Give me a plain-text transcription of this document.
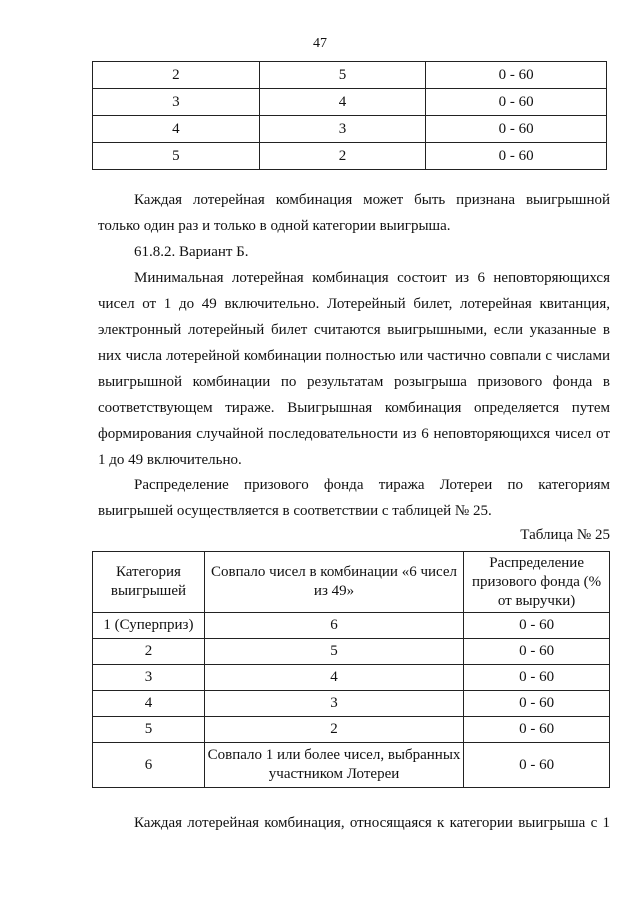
47
2	5	0 - 60
3	4	0 - 60
4	3	0 - 60
5	2	0 - 60
Каждая лотерейная комбинация может быть признана выигрышной
только один раз и только в одной категории выигрыша.
61.8.2. Вариант Б.
Минимальная лотерейная комбинация состоит из 6 неповторяющихся
чисел от 1 до 49 включительно. Лотерейный билет, лотерейная квитанция,
электронный лотерейный билет считаются выигрышными, если указанные в
них числа лотерейной комбинации полностью или частично совпали с числами
выигрышной комбинации по результатам розыгрыша призового фонда в
соответствующем тираже. Выигрышная комбинация определяется путем
формирования случайной последовательности из 6 неповторяющихся чисел от
1 до 49 включительно.
Распределение призового фонда тиража Лотереи по категориям
выигрышей осуществляется в соответствии с таблицей № 25.
Таблица № 25
Категория выигрышей	Совпало чисел в комбинации «6 чисел из 49»	Распределение призового фонда (% от выручки)
1 (Суперприз)	6	0 - 60
2	5	0 - 60
3	4	0 - 60
4	3	0 - 60
5	2	0 - 60
6	Совпало 1 или более чисел, выбранных участником Лотереи	0 - 60
Каждая лотерейная комбинация, относящаяся к категории выигрыша с 1
